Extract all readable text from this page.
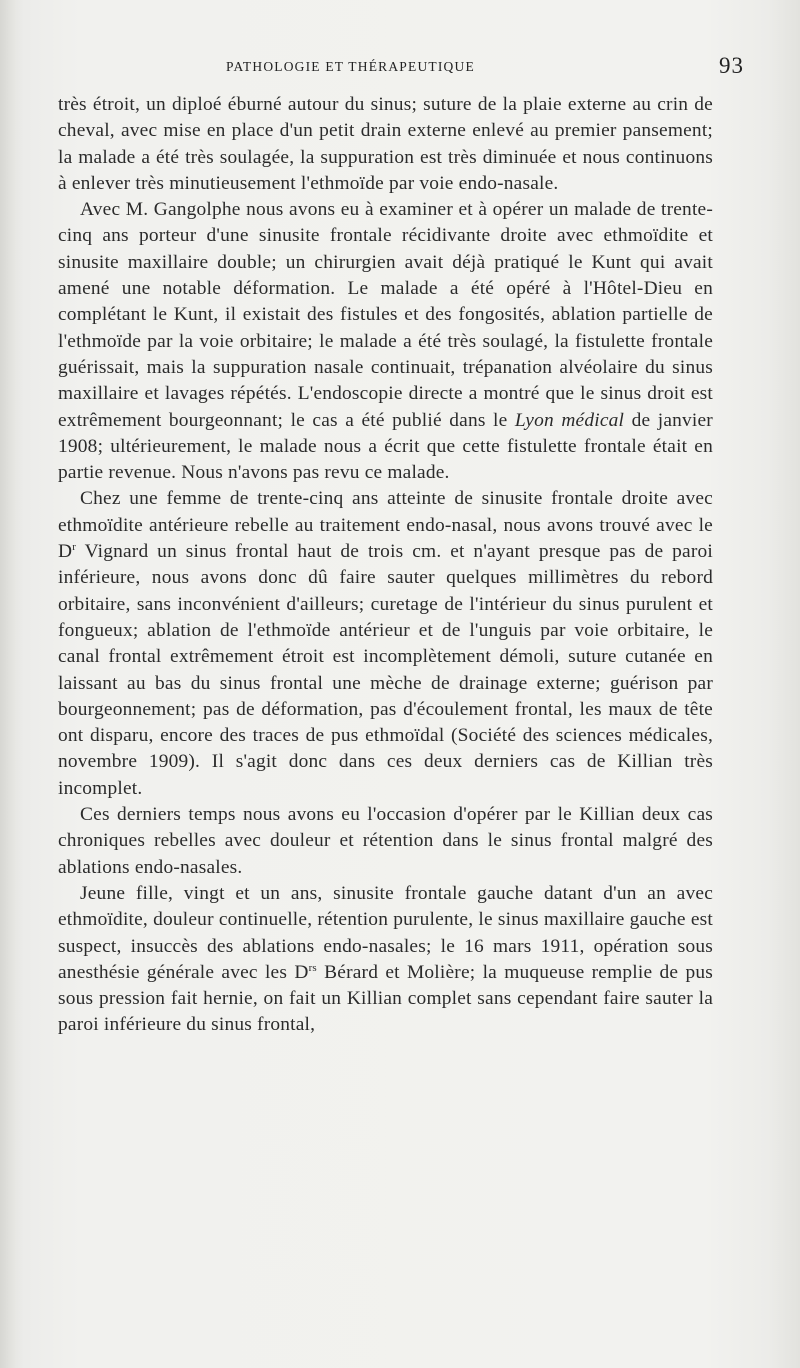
PATHOLOGIE ET THÉRAPEUTIQUE	93

très étroit, un diploé éburné autour du sinus; suture de la plaie externe au crin de cheval, avec mise en place d'un petit drain externe enlevé au premier pansement; la malade a été très soulagée, la suppuration est très diminuée et nous continuons à enlever très minutieusement l'ethmoïde par voie endo-nasale.

Avec M. Gangolphe nous avons eu à examiner et à opérer un malade de trente-cinq ans porteur d'une sinusite frontale récidivante droite avec ethmoïdite et sinusite maxillaire double; un chirurgien avait déjà pratiqué le Kunt qui avait amené une notable déformation. Le malade a été opéré à l'Hôtel-Dieu en complétant le Kunt, il existait des fistules et des fongosités, ablation partielle de l'ethmoïde par la voie orbitaire; le malade a été très soulagé, la fistulette frontale guérissait, mais la suppuration nasale continuait, trépanation alvéolaire du sinus maxillaire et lavages répétés. L'endoscopie directe a montré que le sinus droit est extrêmement bourgeonnant; le cas a été publié dans le Lyon médical de janvier 1908; ultérieurement, le malade nous a écrit que cette fistulette frontale était en partie revenue. Nous n'avons pas revu ce malade.

Chez une femme de trente-cinq ans atteinte de sinusite frontale droite avec ethmoïdite antérieure rebelle au traitement endo-nasal, nous avons trouvé avec le $D^r$ Vignard un sinus frontal haut de trois cm. et n'ayant presque pas de paroi inférieure, nous avons donc dû faire sauter quelques millimètres du rebord orbitaire, sans inconvénient d'ailleurs; curetage de l'intérieur du sinus purulent et fongueux; ablation de l'ethmoïde antérieur et de l'unguis par voie orbitaire, le canal frontal extrêmement étroit est incomplètement démoli, suture cutanée en laissant au bas du sinus frontal une mèche de drainage externe; guérison par bourgeonnement; pas de déformation, pas d'écoulement frontal, les maux de tête ont disparu, encore des traces de pus ethmoïdal (Société des sciences médicales, novembre 1909). Il s'agit donc dans ces deux derniers cas de Killian très incomplet.

Ces derniers temps nous avons eu l'occasion d'opérer par le Killian deux cas chroniques rebelles avec douleur et rétention dans le sinus frontal malgré des ablations endo-nasales.

Jeune fille, vingt et un ans, sinusite frontale gauche datant d'un an avec ethmoïdite, douleur continuelle, rétention purulente, le sinus maxillaire gauche est suspect, insuccès des ablations endo-nasales; le 16 mars 1911, opération sous anesthésie générale avec les $D^{rs}$ Bérard et Molière; la muqueuse remplie de pus sous pression fait hernie, on fait un Killian complet sans cependant faire sauter la paroi inférieure du sinus frontal,
